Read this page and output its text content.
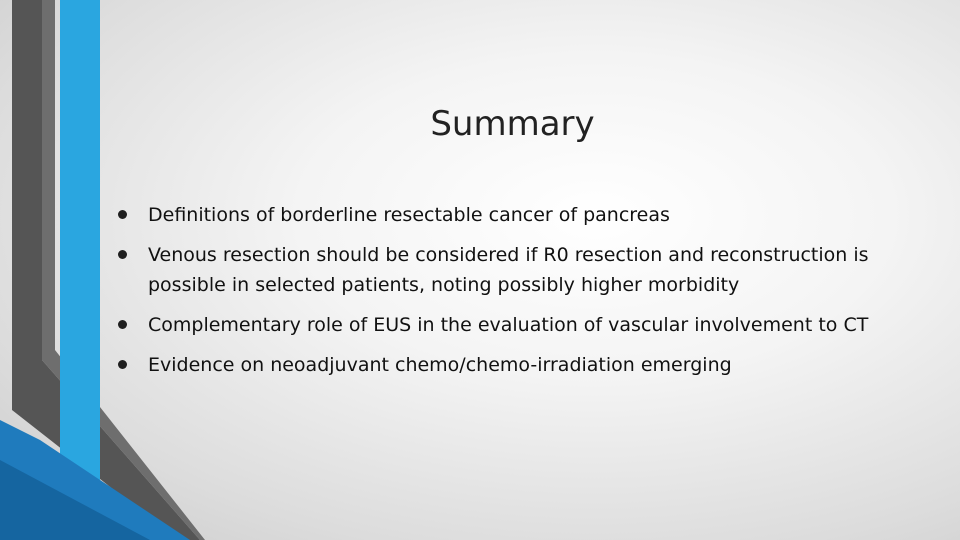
Summary
Definitions of borderline resectable cancer of pancreas
Venous resection should be considered if R0 resection and reconstruction is possible in selected patients, noting possibly higher morbidity
Complementary role of EUS in the evaluation of vascular involvement to CT
Evidence on neoadjuvant chemo/chemo-irradiation emerging
